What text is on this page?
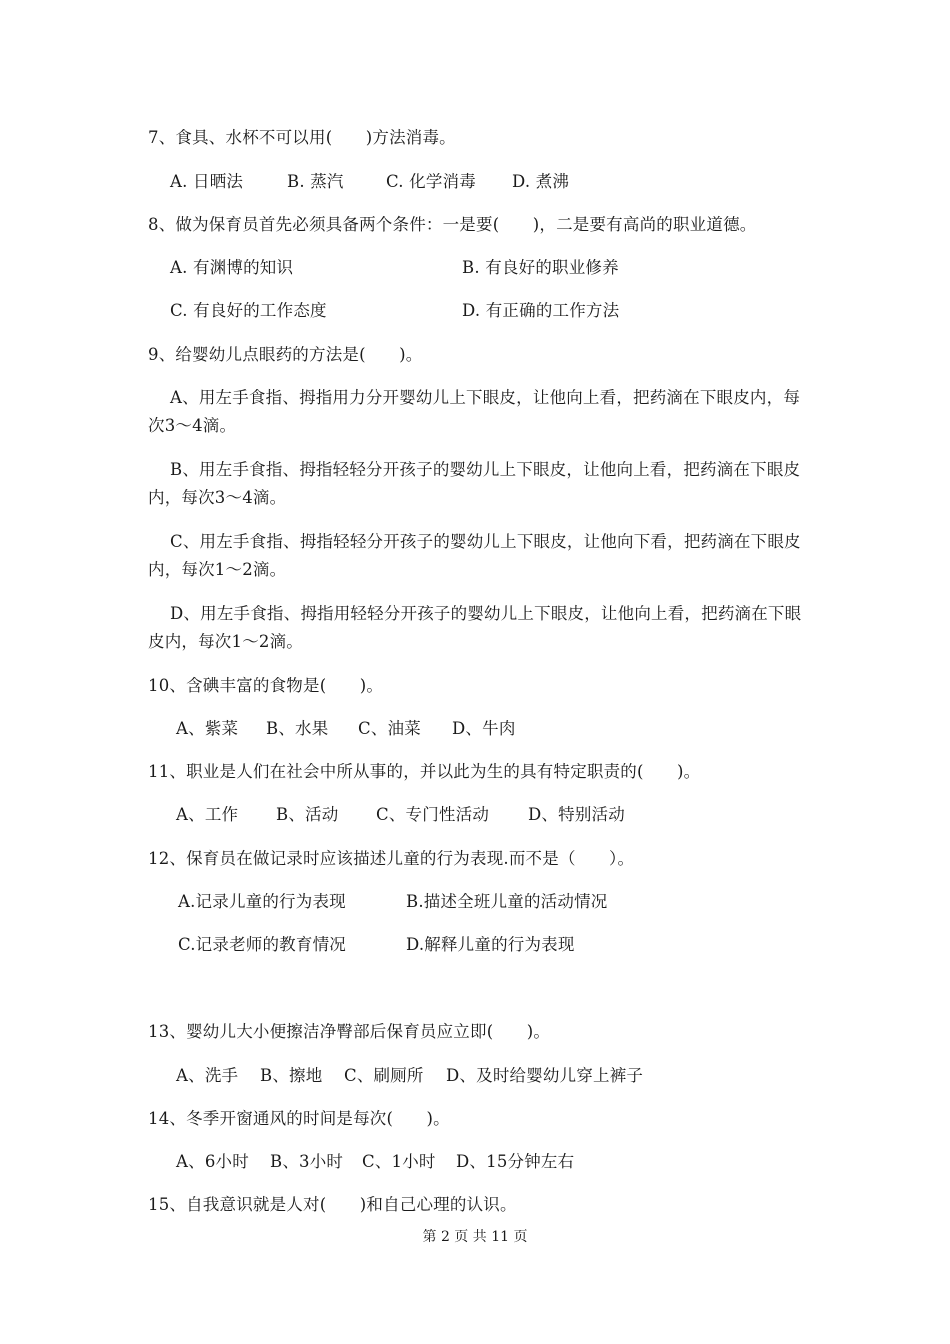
7、食具、水杯不可以用(　　)方法消毒。
A. 日晒法	B. 蒸汽	C. 化学消毒 D. 煮沸
8、做为保育员首先必须具备两个条件：一是要(　　)，二是要有高尚的职业道德。
A. 有渊博的知识	B. 有良好的职业修养
C. 有良好的工作态度	D. 有正确的工作方法
9、给婴幼儿点眼药的方法是(　　)。
A、用左手食指、拇指用力分开婴幼儿上下眼皮，让他向上看，把药滴在下眼皮内，每
次3～4滴。
B、用左手食指、拇指轻轻分开孩子的婴幼儿上下眼皮，让他向上看，把药滴在下眼皮
内，每次3～4滴。
C、用左手食指、拇指轻轻分开孩子的婴幼儿上下眼皮，让他向下看，把药滴在下眼皮
内，每次1～2滴。
D、用左手食指、拇指用轻轻分开孩子的婴幼儿上下眼皮，让他向上看，把药滴在下眼
皮内，每次1～2滴。
10、含碘丰富的食物是(　　)。
A、紫菜 B、水果 C、油菜 D、牛肉
11、职业是人们在社会中所从事的，并以此为生的具有特定职责的(　　)。
A、工作 B、活动 C、专门性活动 D、特别活动
12、保育员在做记录时应该描述儿童的行为表现.而不是（　　）。
A.记录儿童的行为表现	B.描述全班儿童的活动情况
C.记录老师的教育情况	D.解释儿童的行为表现
13、婴幼儿大小便擦洁净臀部后保育员应立即(　　)。
A、洗手 B、擦地 C、刷厕所 D、及时给婴幼儿穿上裤子
14、冬季开窗通风的时间是每次(　　)。
A、6小时 B、3小时 C、1小时 D、15分钟左右
15、自我意识就是人对(　　)和自己心理的认识。
第 2 页 共 11 页
